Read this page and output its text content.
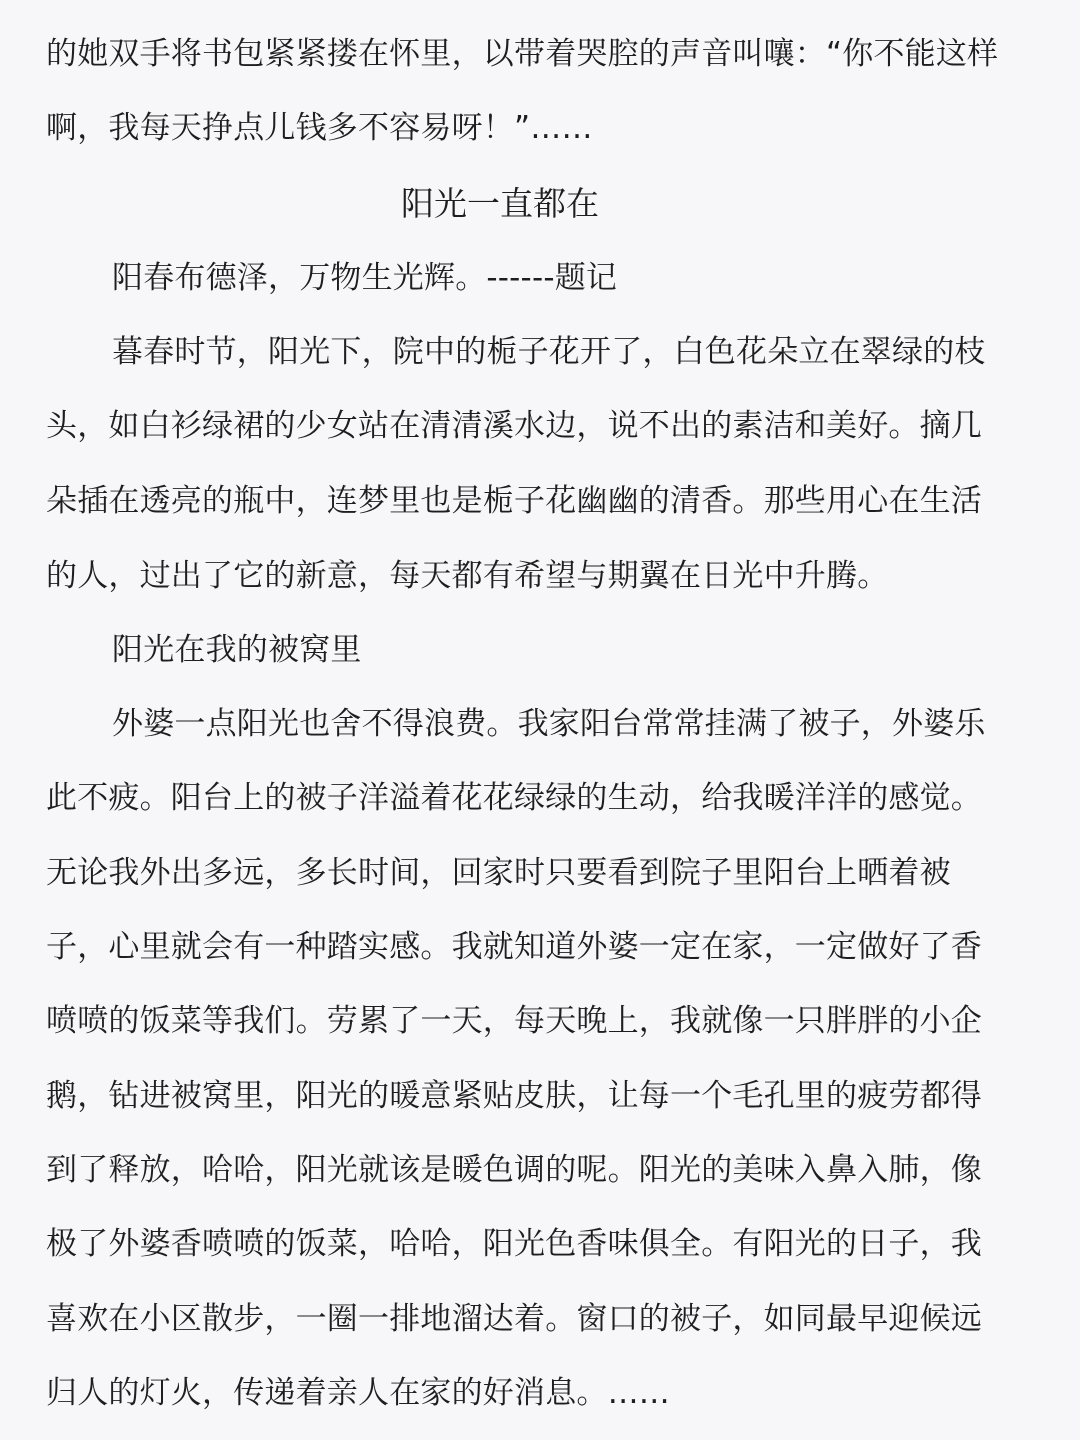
的她双手将书包紧紧搂在怀里，以带着哭腔的声音叫嚷：“你不能这样
啊，我每天挣点儿钱多不容易呀！”……
阳光一直都在
阳春布德泽，万物生光辉。------题记
暮春时节，阳光下，院中的栀子花开了，白色花朵立在翠绿的枝
头，如白衫绿裙的少女站在清清溪水边，说不出的素洁和美好。摘几
朵插在透亮的瓶中，连梦里也是栀子花幽幽的清香。那些用心在生活
的人，过出了它的新意，每天都有希望与期翼在日光中升腾。
阳光在我的被窝里
外婆一点阳光也舍不得浪费。我家阳台常常挂满了被子，外婆乐
此不疲。阳台上的被子洋溢着花花绿绿的生动，给我暖洋洋的感觉。
无论我外出多远，多长时间，回家时只要看到院子里阳台上晒着被
子，心里就会有一种踏实感。我就知道外婆一定在家，一定做好了香
喷喷的饭菜等我们。劳累了一天，每天晚上，我就像一只胖胖的小企
鹅，钻进被窝里，阳光的暖意紧贴皮肤，让每一个毛孔里的疲劳都得
到了释放，哈哈，阳光就该是暖色调的呢。阳光的美味入鼻入肺，像
极了外婆香喷喷的饭菜，哈哈，阳光色香味俱全。有阳光的日子，我
喜欢在小区散步，一圈一排地溜达着。窗口的被子，如同最早迎候远
归人的灯火，传递着亲人在家的好消息。……
